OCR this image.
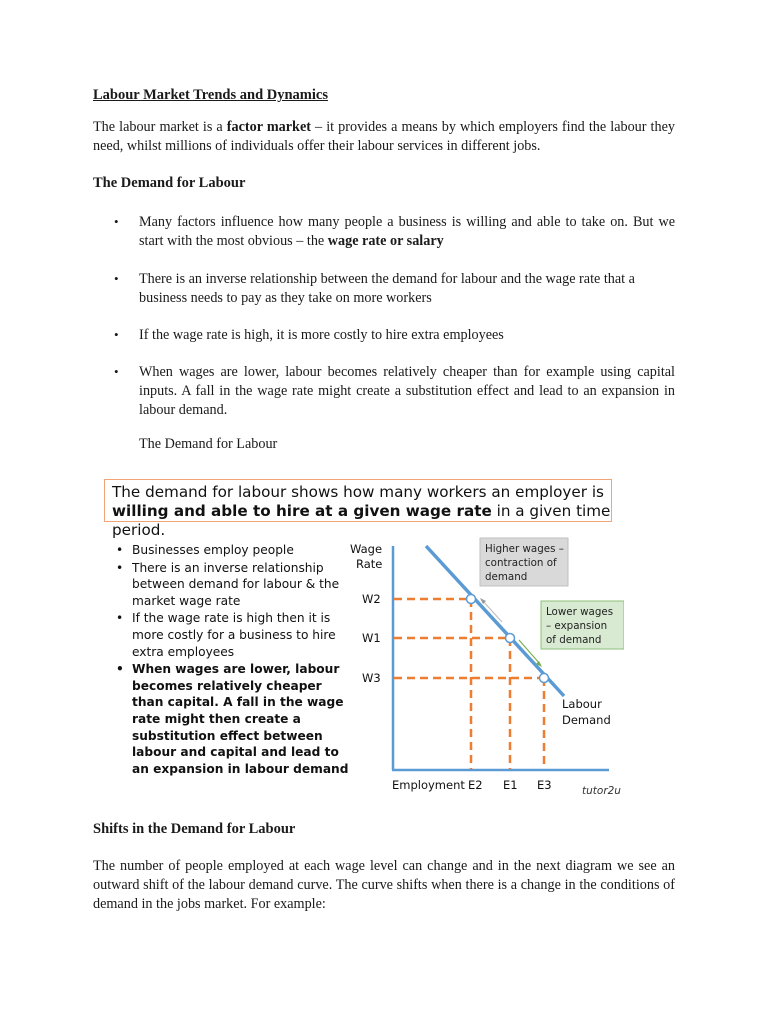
Labour Market Trends and Dynamics

The labour market is a factor market – it provides a means by which employers find the labour they need, whilst millions of individuals offer their labour services in different jobs.

The Demand for Labour
• Many factors influence how many people a business is willing and able to take on. But we start with the most obvious – the wage rate or salary

• There is an inverse relationship between the demand for labour and the wage rate that a business needs to pay as they take on more workers

• If the wage rate is high, it is more costly to hire extra employees

• When wages are lower, labour becomes relatively cheaper than for example using capital inputs. A fall in the wage rate might create a substitution effect and lead to an expansion in labour demand.

The Demand for Labour

Shifts in the Demand for Labour

The number of people employed at each wage level can change and in the next diagram we see an outward shift of the labour demand curve. The curve shifts when there is a change in the conditions of demand in the jobs market. For example:

The demand for labour shows how many workers an employer is
willing and able to hire at a given wage rate in a given time period.
• Businesses employ people
• There is an inverse relationship between demand for labour & the market wage rate
• If the wage rate is high then it is more costly for a business to hire extra employees
• When wages are lower, labour becomes relatively cheaper than capital. A fall in the wage rate might then create a substitution effect between labour and capital and lead to an expansion in labour demand
Wage
Rate
W2
W1
W3
Employment E2 E1 E3	tutor2u
Higher wages –
contraction of
demand
Lower wages
– expansion
of demand
Labour
Demand
